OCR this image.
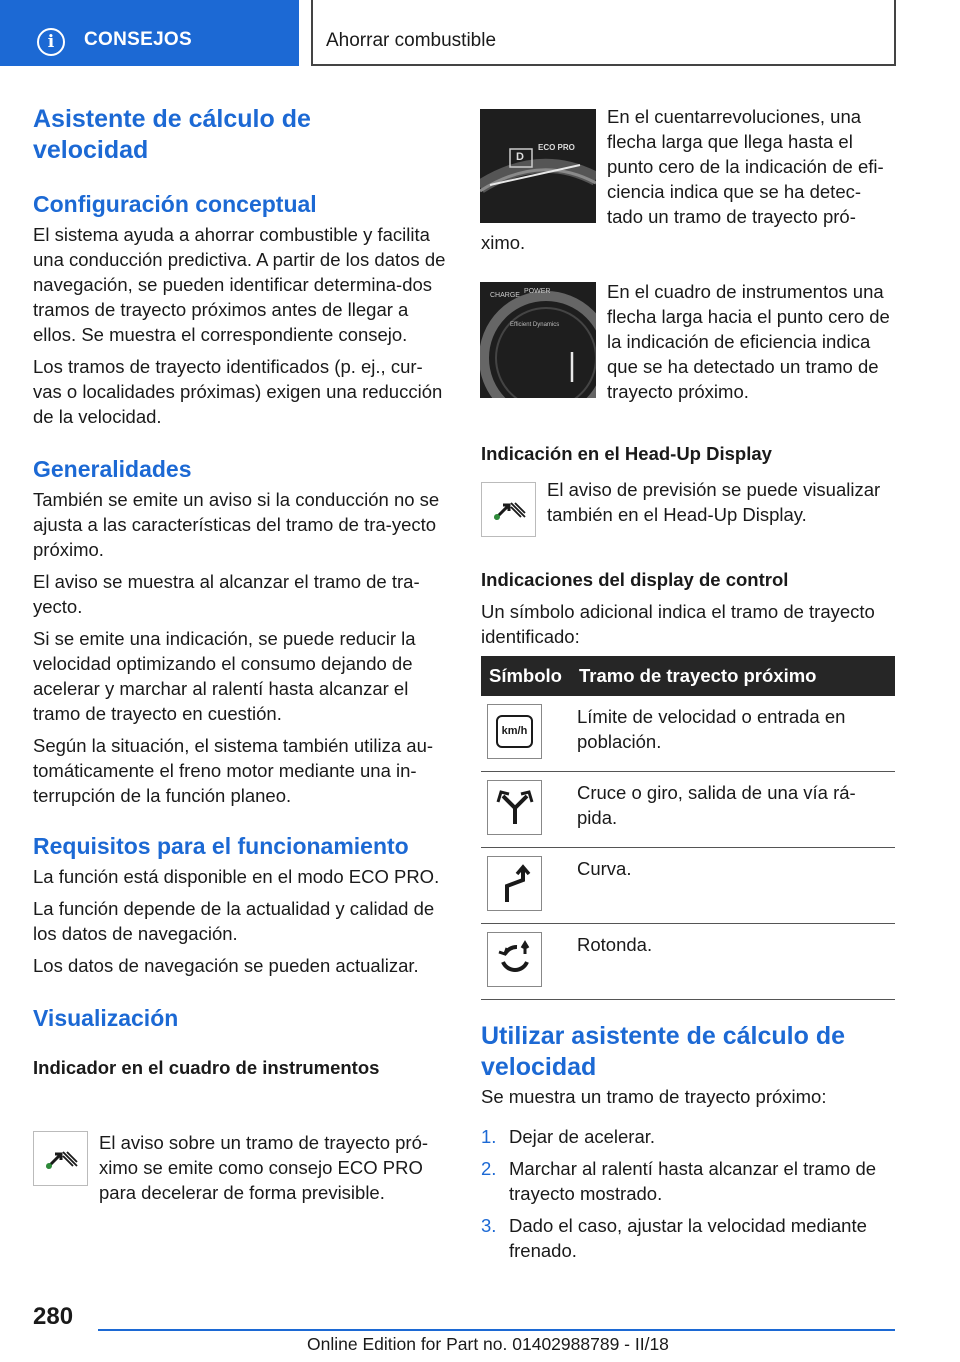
i	CONSEJOS	Ahorrar combustible
Asistente de cálculo de velocidad
Configuración conceptual
El sistema ayuda a ahorrar combustible y facilita una conducción predictiva. A partir de los datos de navegación, se pueden identificar determina‐dos tramos de trayecto próximos antes de llegar a ellos. Se muestra el correspondiente consejo.
Los tramos de trayecto identificados (p. ej., cur‐vas o localidades próximas) exigen una reducción de la velocidad.
Generalidades
También se emite un aviso si la conducción no se ajusta a las características del tramo de tra‐yecto próximo.
El aviso se muestra al alcanzar el tramo de tra‐yecto.
Si se emite una indicación, se puede reducir la velocidad optimizando el consumo dejando de acelerar y marchar al ralentí hasta alcanzar el tramo de trayecto en cuestión.
Según la situación, el sistema también utiliza au‐tomáticamente el freno motor mediante una in‐terrupción de la función planeo.
Requisitos para el funcionamiento
La función está disponible en el modo ECO PRO.
La función depende de la actualidad y calidad de los datos de navegación.
Los datos de navegación se pueden actualizar.
Visualización
Indicador en el cuadro de instrumentos
El aviso sobre un tramo de trayecto pró‐ximo se emite como consejo ECO PRO para decelerar de forma previsible.
D
ECO PRO
En el cuentarrevoluciones, una flecha larga que llega hasta el punto cero de la indicación de efi‐ciencia indica que se ha detec‐tado un tramo de trayecto pró‐
ximo.
CHARGE
POWER
Efficient Dynamics
En el cuadro de instrumentos una flecha larga hacia el punto cero de la indicación de eficiencia indica que se ha detectado un tramo de trayecto próximo.
Indicación en el Head-Up Display
El aviso de previsión se puede visualizar también en el Head-Up Display.
Indicaciones del display de control
Un símbolo adicional indica el tramo de trayecto identificado:
Símbolo	Tramo de trayecto próximo

km/h	Límite de velocidad o entrada en población.

	Cruce o giro, salida de una vía rá‐pida.

	Curva.

	Rotonda.
Utilizar asistente de cálculo de velocidad
Se muestra un tramo de trayecto próximo:
1. Dejar de acelerar.
2. Marchar al ralentí hasta alcanzar el tramo de trayecto mostrado.
3. Dado el caso, ajustar la velocidad mediante frenado.
280
Online Edition for Part no. 01402988789 - II/18
